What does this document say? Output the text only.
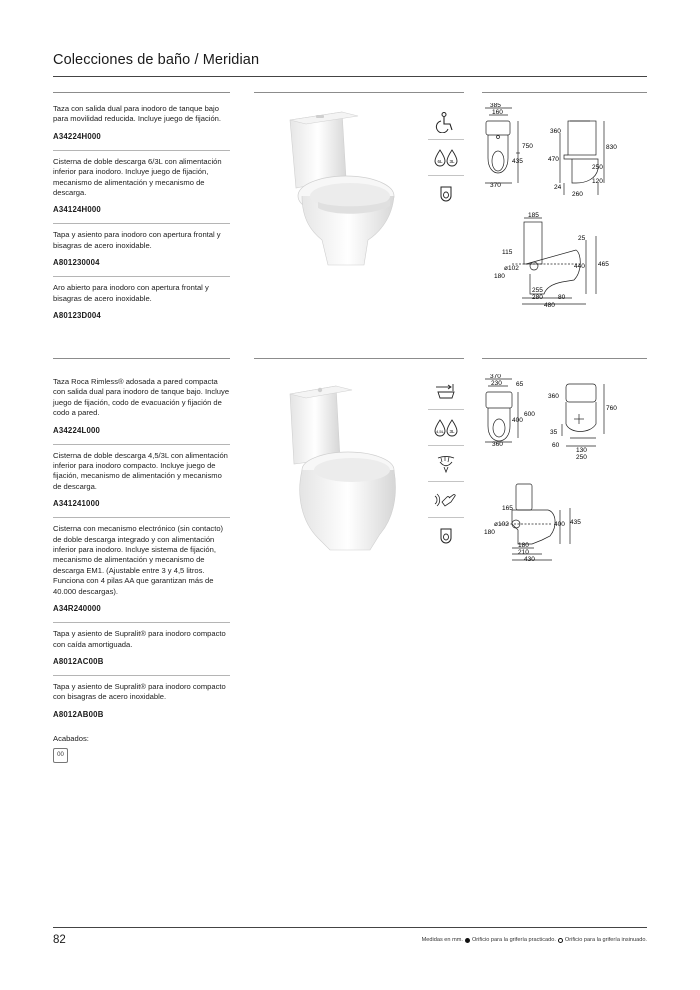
Colecciones de baño / Meridian
Taza con salida dual para inodoro de tanque bajo para movilidad reducida. Incluye juego de fijación.
A34224H000
Cisterna de doble descarga 6/3L con alimentación inferior para inodoro. Incluye juego de fijación, mecanismo de alimentación y mecanismo de descarga.
A34124H000
Tapa y asiento para inodoro con apertura frontal y bisagras de acero inoxidable.
A801230004
Aro abierto para inodoro con apertura frontal y bisagras de acero inoxidable.
A80123D004
6L 3L
385
160
750
435
370
360
470
830
250
120
24
260
185
25
115
ø102
180
440 465
255
280 80
480
Taza Roca Rimless® adosada a pared compacta con salida dual para inodoro de tanque bajo. Incluye juego de fijación, codo de evacuación y fijación de codo a pared.
A34224L000
Cisterna de doble descarga 4,5/3L con alimentación inferior para inodoro compacto. Incluye juego de fijación, mecanismo de alimentación y mecanismo de descarga.
A341241000
Cisterna con mecanismo electrónico (sin contacto) de doble descarga integrado y con alimentación inferior para inodoro. Incluye sistema de fijación, mecanismo de alimentación y mecanismo de descarga EM1. (Ajustable entre 3 y 4,5 litros. Funciona con 4 pilas AA que garantizan más de 40.000 descargas).
A34R240000
Tapa y asiento de Supralit® para inodoro compacto con caída amortiguada.
A8012AC00B
Tapa y asiento de Supralit® para inodoro compacto con bisagras de acero inoxidable.
A8012AB00B
4,5L 3L
370
230 65
600
400
360
360
760
35
60
130
250
165
ø102
180
400 435
180
210
430
Acabados:
00
82	Medidas en mm. Orificio para la grifería practicado. Orificio para la grifería insinuado.
